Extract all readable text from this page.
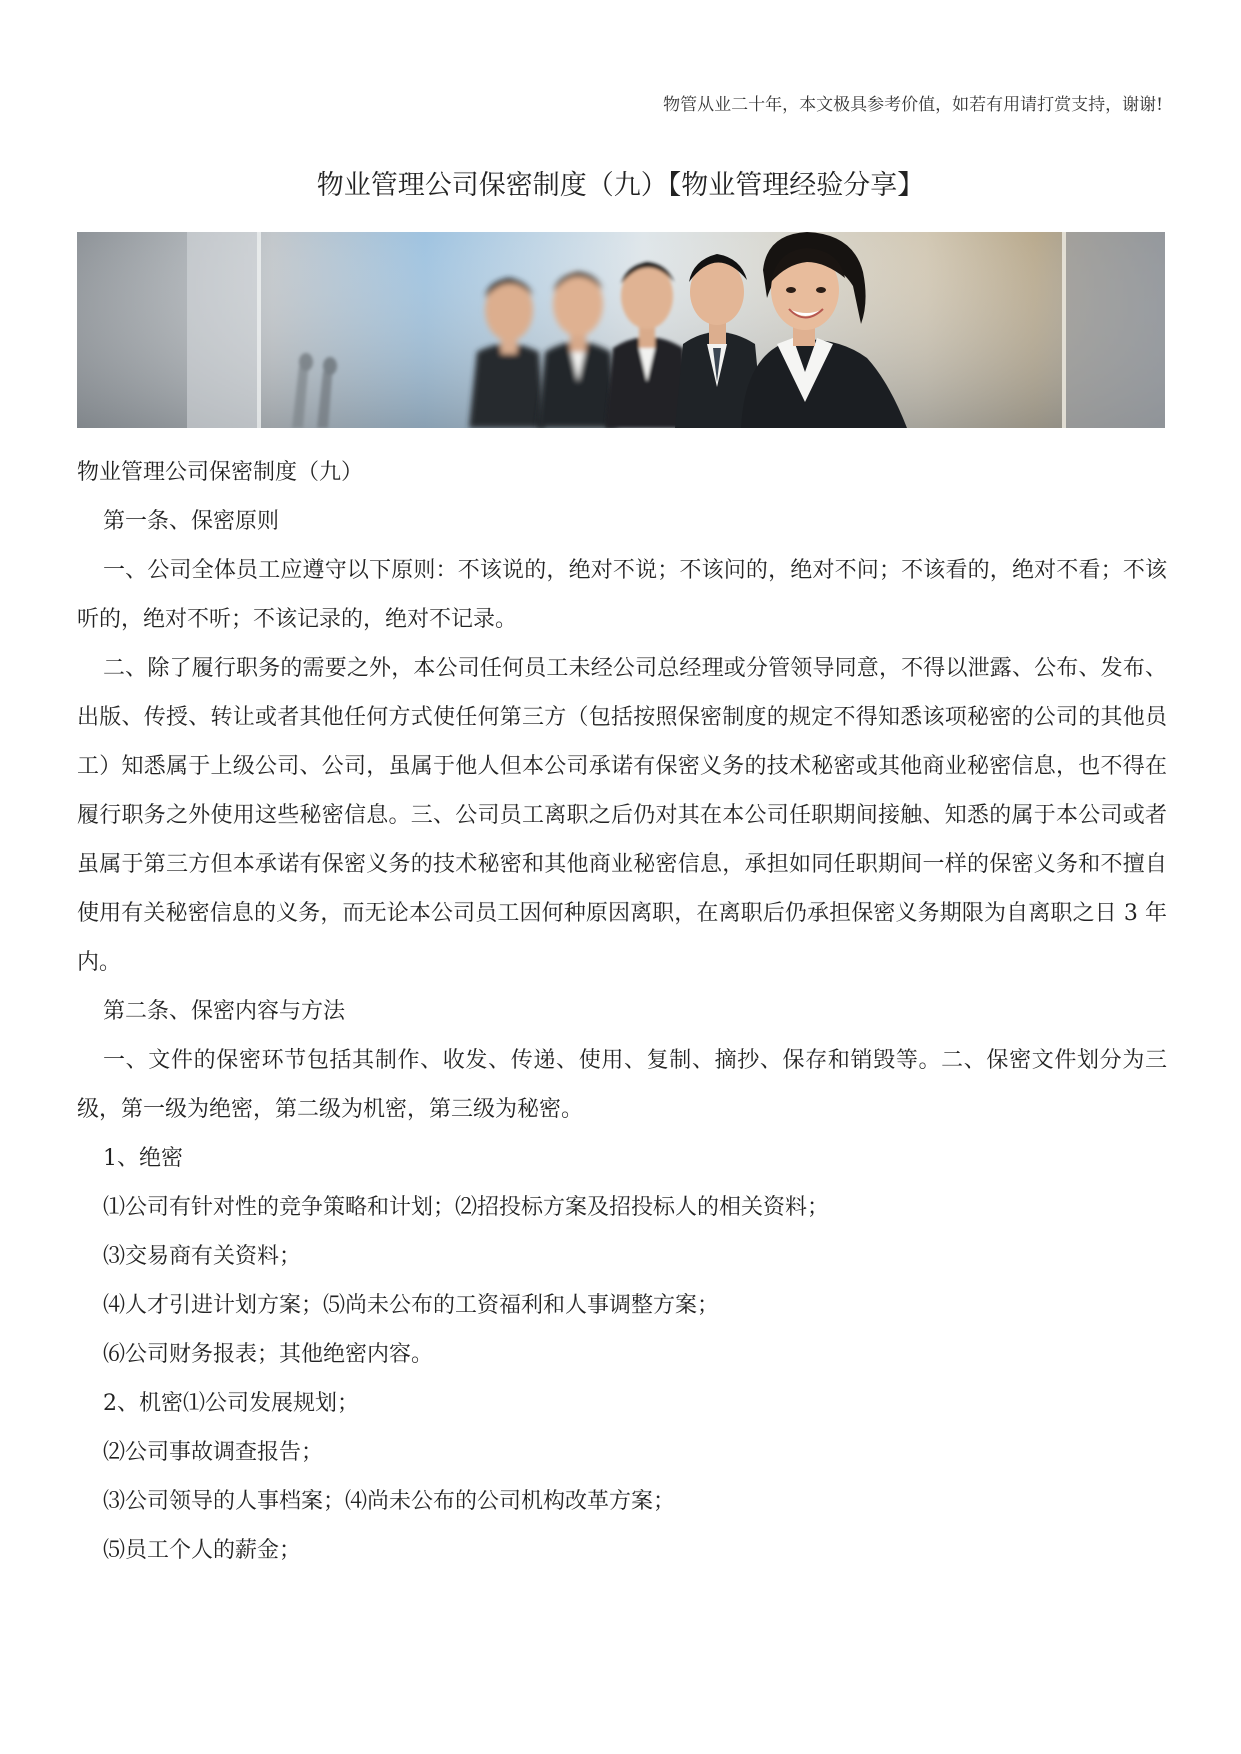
物管从业二十年，本文极具参考价值，如若有用请打赏支持，谢谢!
物业管理公司保密制度（九）【物业管理经验分享】

物业管理公司保密制度（九）

第一条、保密原则

一、公司全体员工应遵守以下原则：不该说的，绝对不说；不该问的，绝对不问；不该看的，绝对不看；不该听的，绝对不听；不该记录的，绝对不记录。

二、除了履行职务的需要之外，本公司任何员工未经公司总经理或分管领导同意，不得以泄露、公布、发布、出版、传授、转让或者其他任何方式使任何第三方（包括按照保密制度的规定不得知悉该项秘密的公司的其他员工）知悉属于上级公司、公司，虽属于他人但本公司承诺有保密义务的技术秘密或其他商业秘密信息，也不得在履行职务之外使用这些秘密信息。三、公司员工离职之后仍对其在本公司任职期间接触、知悉的属于本公司或者虽属于第三方但本承诺有保密义务的技术秘密和其他商业秘密信息，承担如同任职期间一样的保密义务和不擅自使用有关秘密信息的义务，而无论本公司员工因何种原因离职，在离职后仍承担保密义务期限为自离职之日 3 年内。

第二条、保密内容与方法

一、文件的保密环节包括其制作、收发、传递、使用、复制、摘抄、保存和销毁等。二、保密文件划分为三级，第一级为绝密，第二级为机密，第三级为秘密。

1、绝密

⑴公司有针对性的竞争策略和计划；⑵招投标方案及招投标人的相关资料；

⑶交易商有关资料；

⑷人才引进计划方案；⑸尚未公布的工资福利和人事调整方案；

⑹公司财务报表；其他绝密内容。

2、机密⑴公司发展规划；

⑵公司事故调查报告；

⑶公司领导的人事档案；⑷尚未公布的公司机构改革方案；

⑸员工个人的薪金；
